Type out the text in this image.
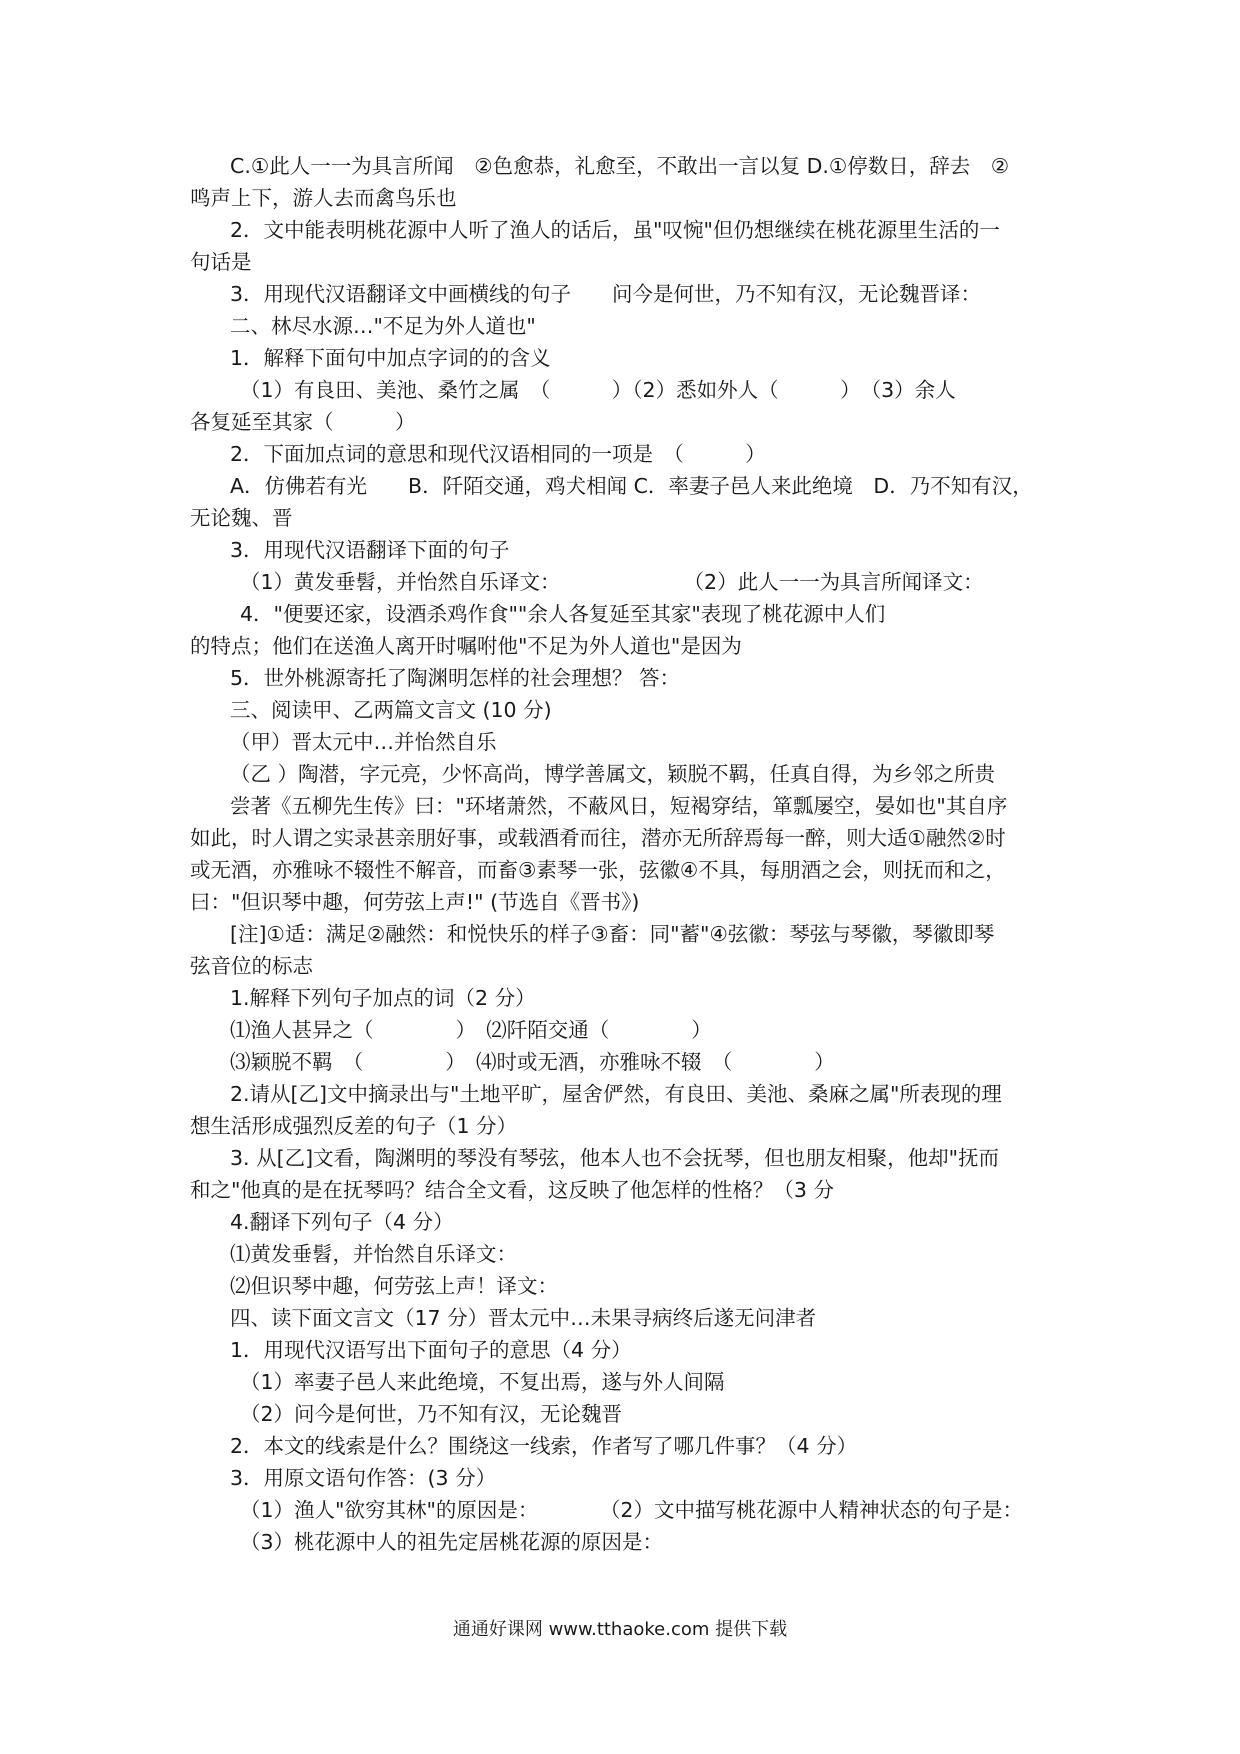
C.①此人一一为具言所闻　②色愈恭，礼愈至，不敢出一言以复 D.①停数日，辞去　②
鸣声上下，游人去而禽鸟乐也
2．文中能表明桃花源中人听了渔人的话后，虽"叹惋"但仍想继续在桃花源里生活的一
句话是
3．用现代汉语翻译文中画横线的句子　　问今是何世，乃不知有汉，无论魏晋译：
二、林尽水源…"不足为外人道也"
1．解释下面句中加点字词的的含义
（1）有良田、美池、桑竹之属　（　　　）（2）悉如外人（　　　）　（3）余人
各复延至其家（　　　）
2．下面加点词的意思和现代汉语相同的一项是　（　　　）
A．仿佛若有光　　B．阡陌交通，鸡犬相闻 C．率妻子邑人来此绝境　D．乃不知有汉，
无论魏、晋
3．用现代汉语翻译下面的句子
（1）黄发垂髫，并怡然自乐译文：　　　　　　　（2）此人一一为具言所闻译文：
4．"便要还家，设酒杀鸡作食""余人各复延至其家"表现了桃花源中人们
的特点；他们在送渔人离开时嘱咐他"不足为外人道也"是因为
5．世外桃源寄托了陶渊明怎样的社会理想？ 答：
三、阅读甲、乙两篇文言文 (10 分)
（甲）晋太元中…并怡然自乐
（乙 ）陶潜，字元亮，少怀高尚，博学善属文，颖脱不羁，任真自得，为乡邻之所贵
尝著《五柳先生传》曰："环堵萧然，不蔽风日，短褐穿结，箪瓢屡空，晏如也"其自序
如此，时人谓之实录甚亲朋好事，或载酒肴而往，潜亦无所辞焉每一醉，则大适①融然②时
或无酒，亦雅咏不辍性不解音，而畜③素琴一张，弦徽④不具，每朋酒之会，则抚而和之，
曰："但识琴中趣，何劳弦上声!" (节选自《晋书》)
[注]①适：满足②融然：和悦快乐的样子③畜：同"蓄"④弦徽：琴弦与琴徽，琴徽即琴
弦音位的标志
1.解释下列句子加点的词（2 分）
⑴渔人甚异之（　　　　）　⑵阡陌交通（　　　　）
⑶颖脱不羁　（　　　　）　⑷时或无酒，亦雅咏不辍　（　　　　）
2.请从[乙]文中摘录出与"土地平旷，屋舍俨然，有良田、美池、桑麻之属"所表现的理
想生活形成强烈反差的句子（1 分）
3. 从[乙]文看，陶渊明的琴没有琴弦，他本人也不会抚琴，但也朋友相聚，他却"抚而
和之"他真的是在抚琴吗？结合全文看，这反映了他怎样的性格？（3 分
4.翻译下列句子（4 分）
⑴黄发垂髫，并怡然自乐译文：
⑵但识琴中趣，何劳弦上声！译文：
四、读下面文言文（17 分）晋太元中…未果寻病终后遂无问津者
1．用现代汉语写出下面句子的意思（4 分）
（1）率妻子邑人来此绝境，不复出焉，遂与外人间隔
（2）问今是何世，乃不知有汉，无论魏晋
2．本文的线索是什么？围绕这一线索，作者写了哪几件事？（4 分）
3．用原文语句作答：(3 分）
（1）渔人"欲穷其林"的原因是：　　　　（2）文中描写桃花源中人精神状态的句子是：
（3）桃花源中人的祖先定居桃花源的原因是：
通通好课网 www.tthaoke.com 提供下载
